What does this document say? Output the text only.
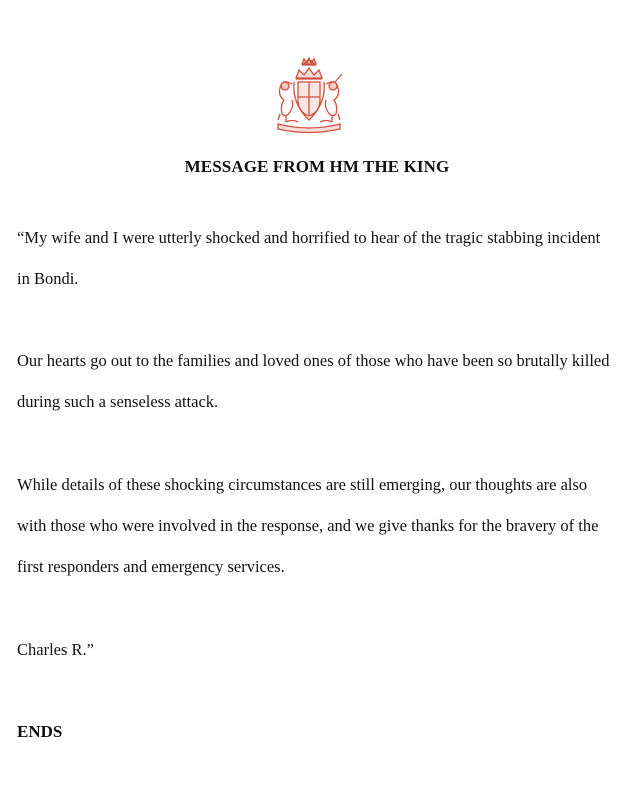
MESSAGE FROM HM THE KING

“My wife and I were utterly shocked and horrified to hear of the tragic stabbing incident in Bondi.

Our hearts go out to the families and loved ones of those who have been so brutally killed during such a senseless attack.

While details of these shocking circumstances are still emerging, our thoughts are also with those who were involved in the response, and we give thanks for the bravery of the first responders and emergency services.

Charles R.”

ENDS
